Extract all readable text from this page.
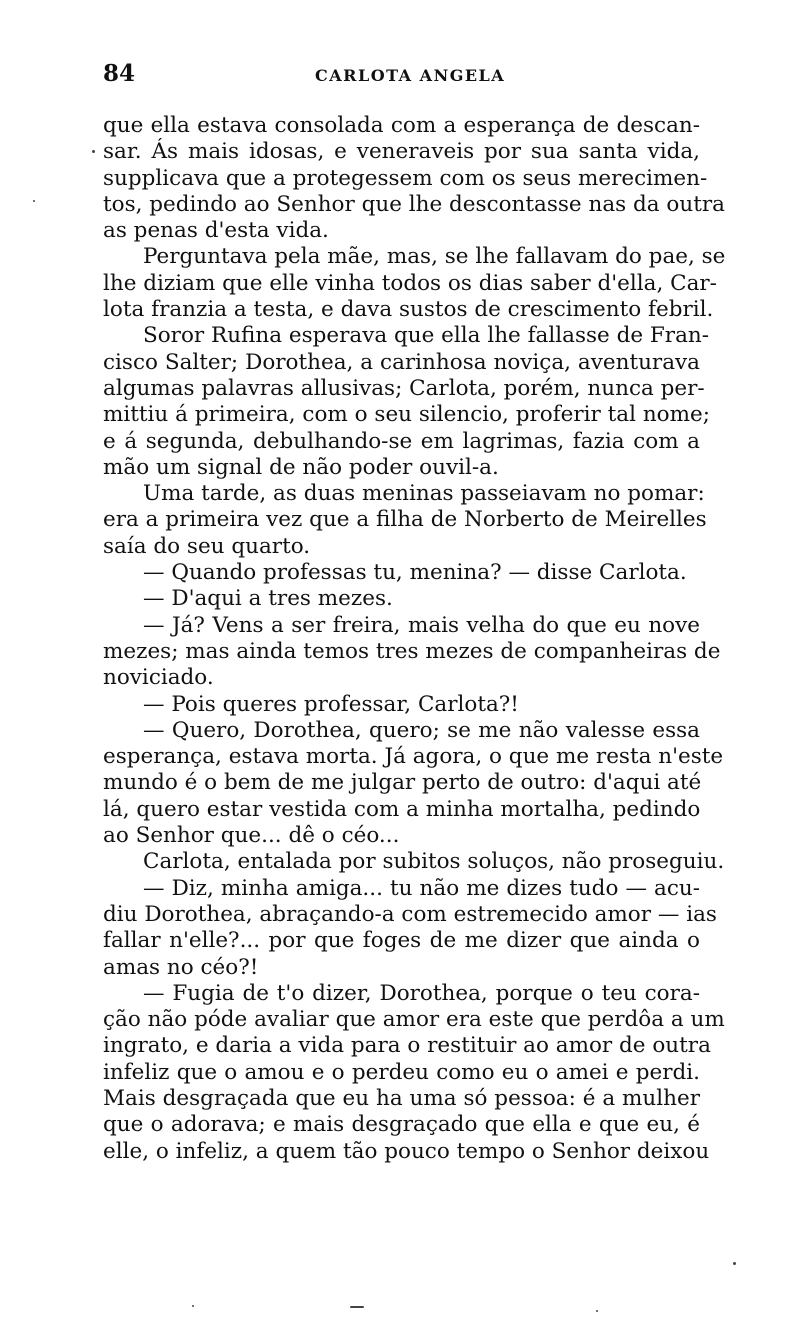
84	CARLOTA ANGELA
que ella estava consolada com a esperança de descan-
sar. Ás mais idosas, e veneraveis por sua santa vida,
supplicava que a protegessem com os seus merecimen-
tos, pedindo ao Senhor que lhe descontasse nas da outra
as penas d'esta vida.
Perguntava pela mãe, mas, se lhe fallavam do pae, se
lhe diziam que elle vinha todos os dias saber d'ella, Car-
lota franzia a testa, e dava sustos de crescimento febril.
Soror Rufina esperava que ella lhe fallasse de Fran-
cisco Salter; Dorothea, a carinhosa noviça, aventurava
algumas palavras allusivas; Carlota, porém, nunca per-
mittiu á primeira, com o seu silencio, proferir tal nome;
e á segunda, debulhando-se em lagrimas, fazia com a
mão um signal de não poder ouvil-a.
Uma tarde, as duas meninas passeiavam no pomar:
era a primeira vez que a filha de Norberto de Meirelles
saía do seu quarto.
— Quando professas tu, menina? — disse Carlota.
— D'aqui a tres mezes.
— Já? Vens a ser freira, mais velha do que eu nove
mezes; mas ainda temos tres mezes de companheiras de
noviciado.
— Pois queres professar, Carlota?!
— Quero, Dorothea, quero; se me não valesse essa
esperança, estava morta. Já agora, o que me resta n'este
mundo é o bem de me julgar perto de outro: d'aqui até
lá, quero estar vestida com a minha mortalha, pedindo
ao Senhor que... dê o céo...
Carlota, entalada por subitos soluços, não proseguiu.
— Diz, minha amiga... tu não me dizes tudo — acu-
diu Dorothea, abraçando-a com estremecido amor — ias
fallar n'elle?... por que foges de me dizer que ainda o
amas no céo?!
— Fugia de t'o dizer, Dorothea, porque o teu cora-
ção não póde avaliar que amor era este que perdôa a um
ingrato, e daria a vida para o restituir ao amor de outra
infeliz que o amou e o perdeu como eu o amei e perdi.
Mais desgraçada que eu ha uma só pessoa: é a mulher
que o adorava; e mais desgraçado que ella e que eu, é
elle, o infeliz, a quem tão pouco tempo o Senhor deixou
